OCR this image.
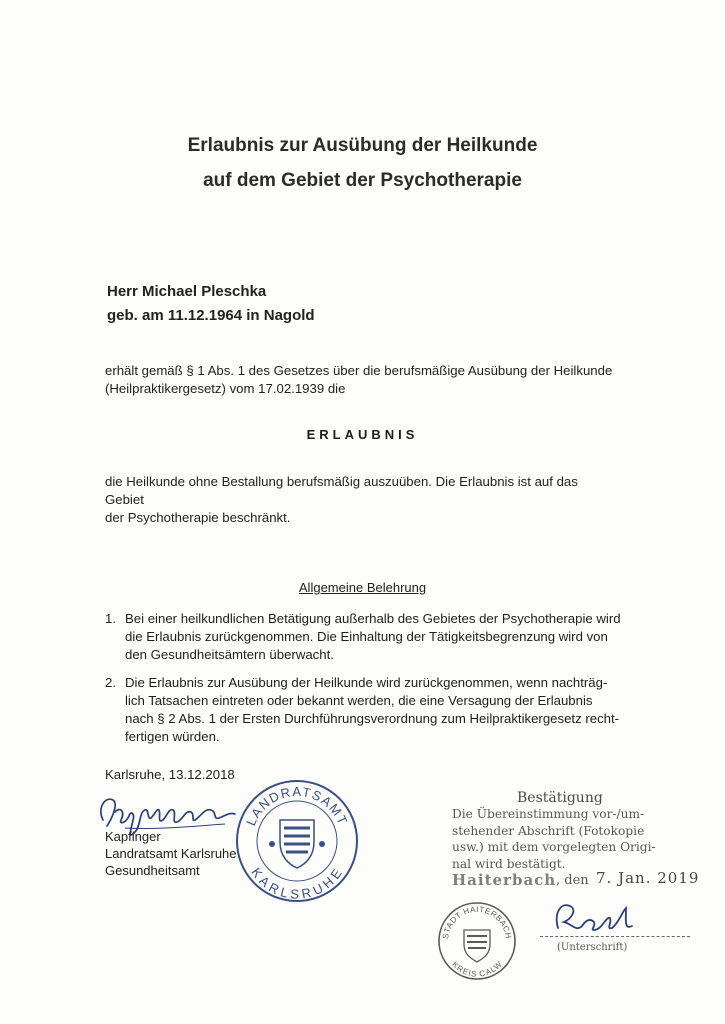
Erlaubnis zur Ausübung der Heilkunde
auf dem Gebiet der Psychotherapie
Herr Michael Pleschka
geb. am 11.12.1964 in Nagold
erhält gemäß § 1 Abs. 1 des Gesetzes über die berufsmäßige Ausübung der Heilkunde
(Heilpraktikergesetz) vom 17.02.1939 die
ERLAUBNIS
die Heilkunde ohne Bestallung berufsmäßig auszuüben. Die Erlaubnis ist auf das Gebiet
der Psychotherapie beschränkt.
Allgemeine Belehrung
1. Bei einer heilkundlichen Betätigung außerhalb des Gebietes der Psychotherapie wird
die Erlaubnis zurückgenommen. Die Einhaltung der Tätigkeitsbegrenzung wird von
den Gesundheitsämtern überwacht.
2. Die Erlaubnis zur Ausübung der Heilkunde wird zurückgenommen, wenn nachträg-
lich Tatsachen eintreten oder bekannt werden, die eine Versagung der Erlaubnis
nach § 2 Abs. 1 der Ersten Durchführungsverordnung zum Heilpraktikergesetz recht-
fertigen würden.
Karlsruhe, 13.12.2018
Kapfinger
Landratsamt Karlsruhe
Gesundheitsamt
LANDRATSAMT
KARLSRUHE
Bestätigung
Die Übereinstimmung vor-/um-
stehender Abschrift (Fotokopie
usw.) mit dem vorgelegten Origi-
nal wird bestätigt.
Haiterbach , den 7. Jan. 2019
(Unterschrift)
STADT HAITERBACH
KREIS CALW
